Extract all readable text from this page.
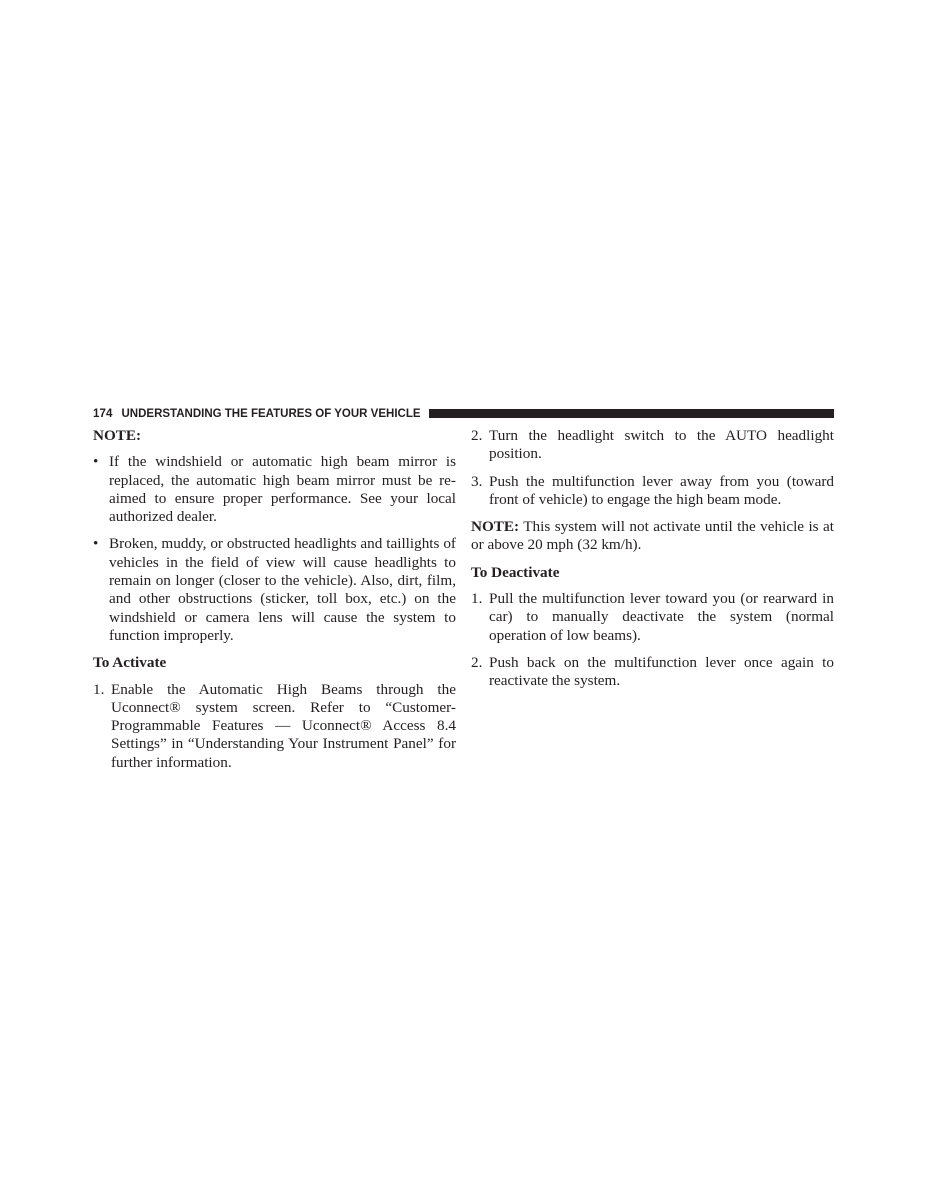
174 UNDERSTANDING THE FEATURES OF YOUR VEHICLE

NOTE:

• If the windshield or automatic high beam mirror is replaced, the automatic high beam mirror must be re-aimed to ensure proper performance. See your local authorized dealer.
• Broken, muddy, or obstructed headlights and taillights of vehicles in the field of view will cause headlights to remain on longer (closer to the vehicle). Also, dirt, film, and other obstructions (sticker, toll box, etc.) on the windshield or camera lens will cause the system to function improperly.

To Activate

1. Enable the Automatic High Beams through the Uconnect® system screen. Refer to “Customer-Programmable Features — Uconnect® Access 8.4 Settings” in “Understanding Your Instrument Panel” for further information.
2. Turn the headlight switch to the AUTO headlight position.
3. Push the multifunction lever away from you (toward front of vehicle) to engage the high beam mode.

NOTE: This system will not activate until the vehicle is at or above 20 mph (32 km/h).

To Deactivate

1. Pull the multifunction lever toward you (or rearward in car) to manually deactivate the system (normal operation of low beams).
2. Push back on the multifunction lever once again to reactivate the system.
